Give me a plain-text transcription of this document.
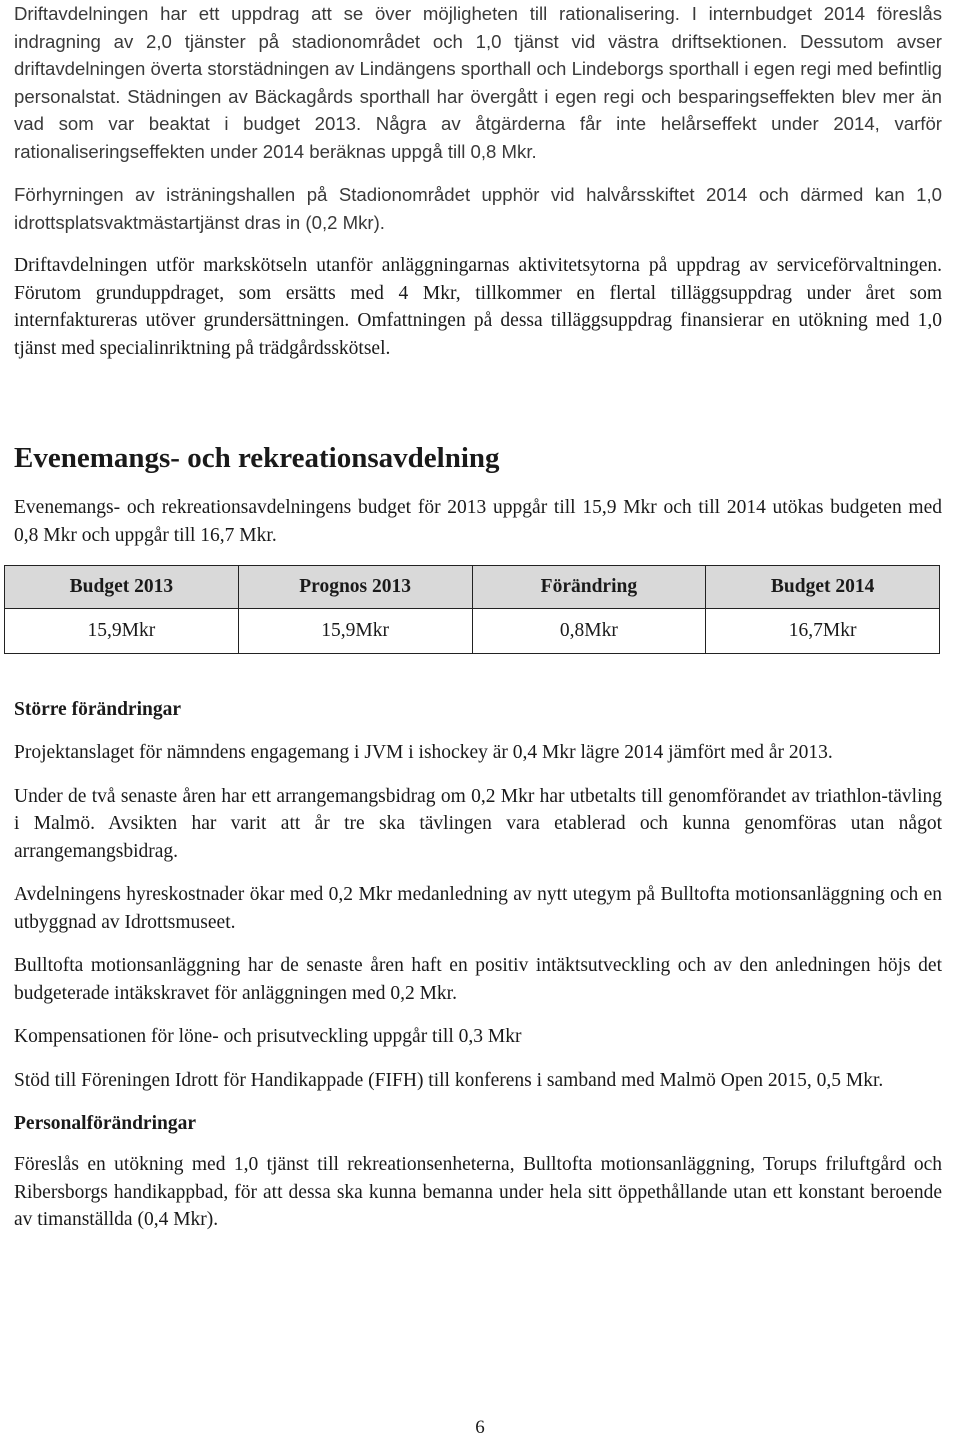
Driftavdelningen har ett uppdrag att se över möjligheten till rationalisering. I internbudget 2014 föreslås indragning av 2,0 tjänster på stadionområdet och 1,0 tjänst vid västra driftsektionen. Dessutom avser driftavdelningen överta storstädningen av Lindängens sporthall och Lindeborgs sporthall i egen regi med befintlig personalstat. Städningen av Bäckagårds sporthall har övergått i egen regi och besparingseffekten blev mer än vad som var beaktat i budget 2013. Några av åtgärderna får inte helårseffekt under 2014, varför rationaliseringseffekten under 2014 beräknas uppgå till 0,8 Mkr.

Förhyrningen av isträningshallen på Stadionområdet upphör vid halvårsskiftet 2014 och därmed kan 1,0 idrottsplatsvaktmästartjänst dras in (0,2 Mkr).

Driftavdelningen utför markskötseln utanför anläggningarnas aktivitetsytorna på uppdrag av serviceförvaltningen. Förutom grunduppdraget, som ersätts med 4 Mkr, tillkommer en flertal tilläggsuppdrag under året som internfaktureras utöver grundersättningen. Omfattningen på dessa tilläggsuppdrag finansierar en utökning med 1,0 tjänst med specialinriktning på trädgårdsskötsel.

Evenemangs- och rekreationsavdelning

Evenemangs- och rekreationsavdelningens budget för 2013 uppgår till 15,9 Mkr och till 2014 utökas budgeten med 0,8 Mkr och uppgår till 16,7 Mkr.

Budget 2013	Prognos 2013	Förändring	Budget 2014
15,9Mkr	15,9Mkr	0,8Mkr	16,7Mkr
Större förändringar

Projektanslaget för nämndens engagemang i JVM i ishockey är 0,4 Mkr lägre 2014 jämfört med år 2013.

Under de två senaste åren har ett arrangemangsbidrag om 0,2 Mkr har utbetalts till genomförandet av triathlon-tävling i Malmö. Avsikten har varit att år tre ska tävlingen vara etablerad och kunna genomföras utan något arrangemangsbidrag.

Avdelningens hyreskostnader ökar med 0,2 Mkr medanledning av nytt utegym på Bulltofta motionsanläggning och en utbyggnad av Idrottsmuseet.

Bulltofta motionsanläggning har de senaste åren haft en positiv intäktsutveckling och av den anledningen höjs det budgeterade intäkskravet för anläggningen med 0,2 Mkr.

Kompensationen för löne- och prisutveckling uppgår till 0,3 Mkr

Stöd till Föreningen Idrott för Handikappade (FIFH) till konferens i samband med Malmö Open 2015, 0,5 Mkr.

Personalförändringar

Föreslås en utökning med 1,0 tjänst till rekreationsenheterna, Bulltofta motionsanläggning, Torups friluftgård och Ribersborgs handikappbad, för att dessa ska kunna bemanna under hela sitt öppethållande utan ett konstant beroende av timanställda (0,4 Mkr).

6
